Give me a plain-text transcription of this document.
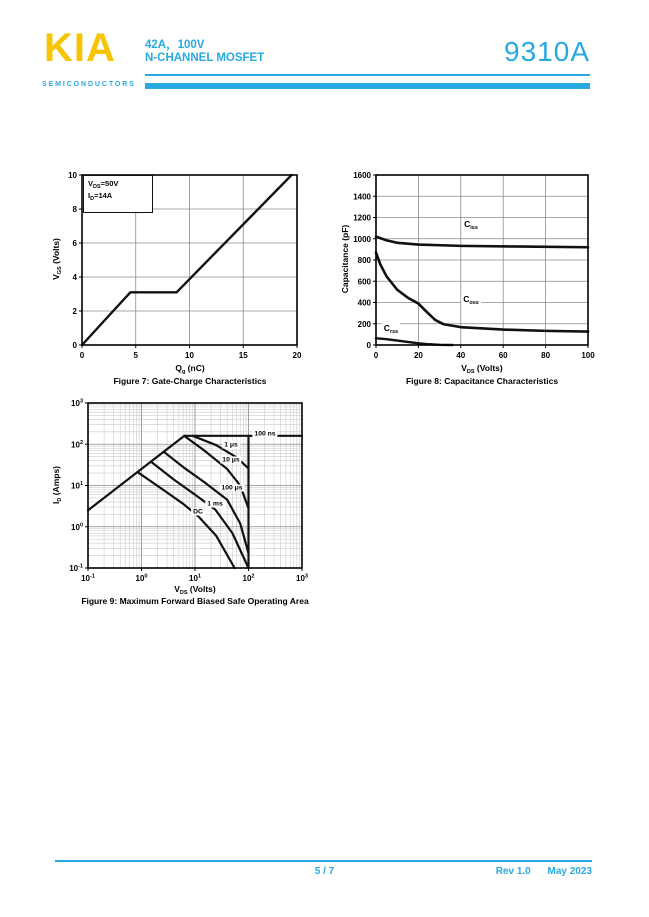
KIA
SEMICONDUCTORS
42A，100V
N-CHANNEL MOSFET	9310A
0	5	10	15	20
0
2
4
6
8
10
$V_{DS}=50V$
$I_D=14A$
$V_{GS}$ (Volts)
$Q_g$ (nC)
Figure 7: Gate-Charge Characteristics
0	20	40	60	80	100
0
200
400
600
800
1000
1200
1400
1600
$C_{iss}$
$C_{oss}$
$C_{rss}$
Capacitance (pF)
$V_{DS}$ (Volts)
Figure 8: Capacitance Characteristics
$10^{-1}$	$10^0$	$10^1$	$10^2$	$10^3$
$10^{-1}$
$10^0$
$10^1$
$10^2$
$10^3$
100 ns
1 μs
10 μs
100 μs
1 ms
DC
$I_D$ (Amps)
$V_{DS}$ (Volts)
Figure 9: Maximum Forward Biased Safe Operating Area
5 / 7	Rev 1.0 May 2023
